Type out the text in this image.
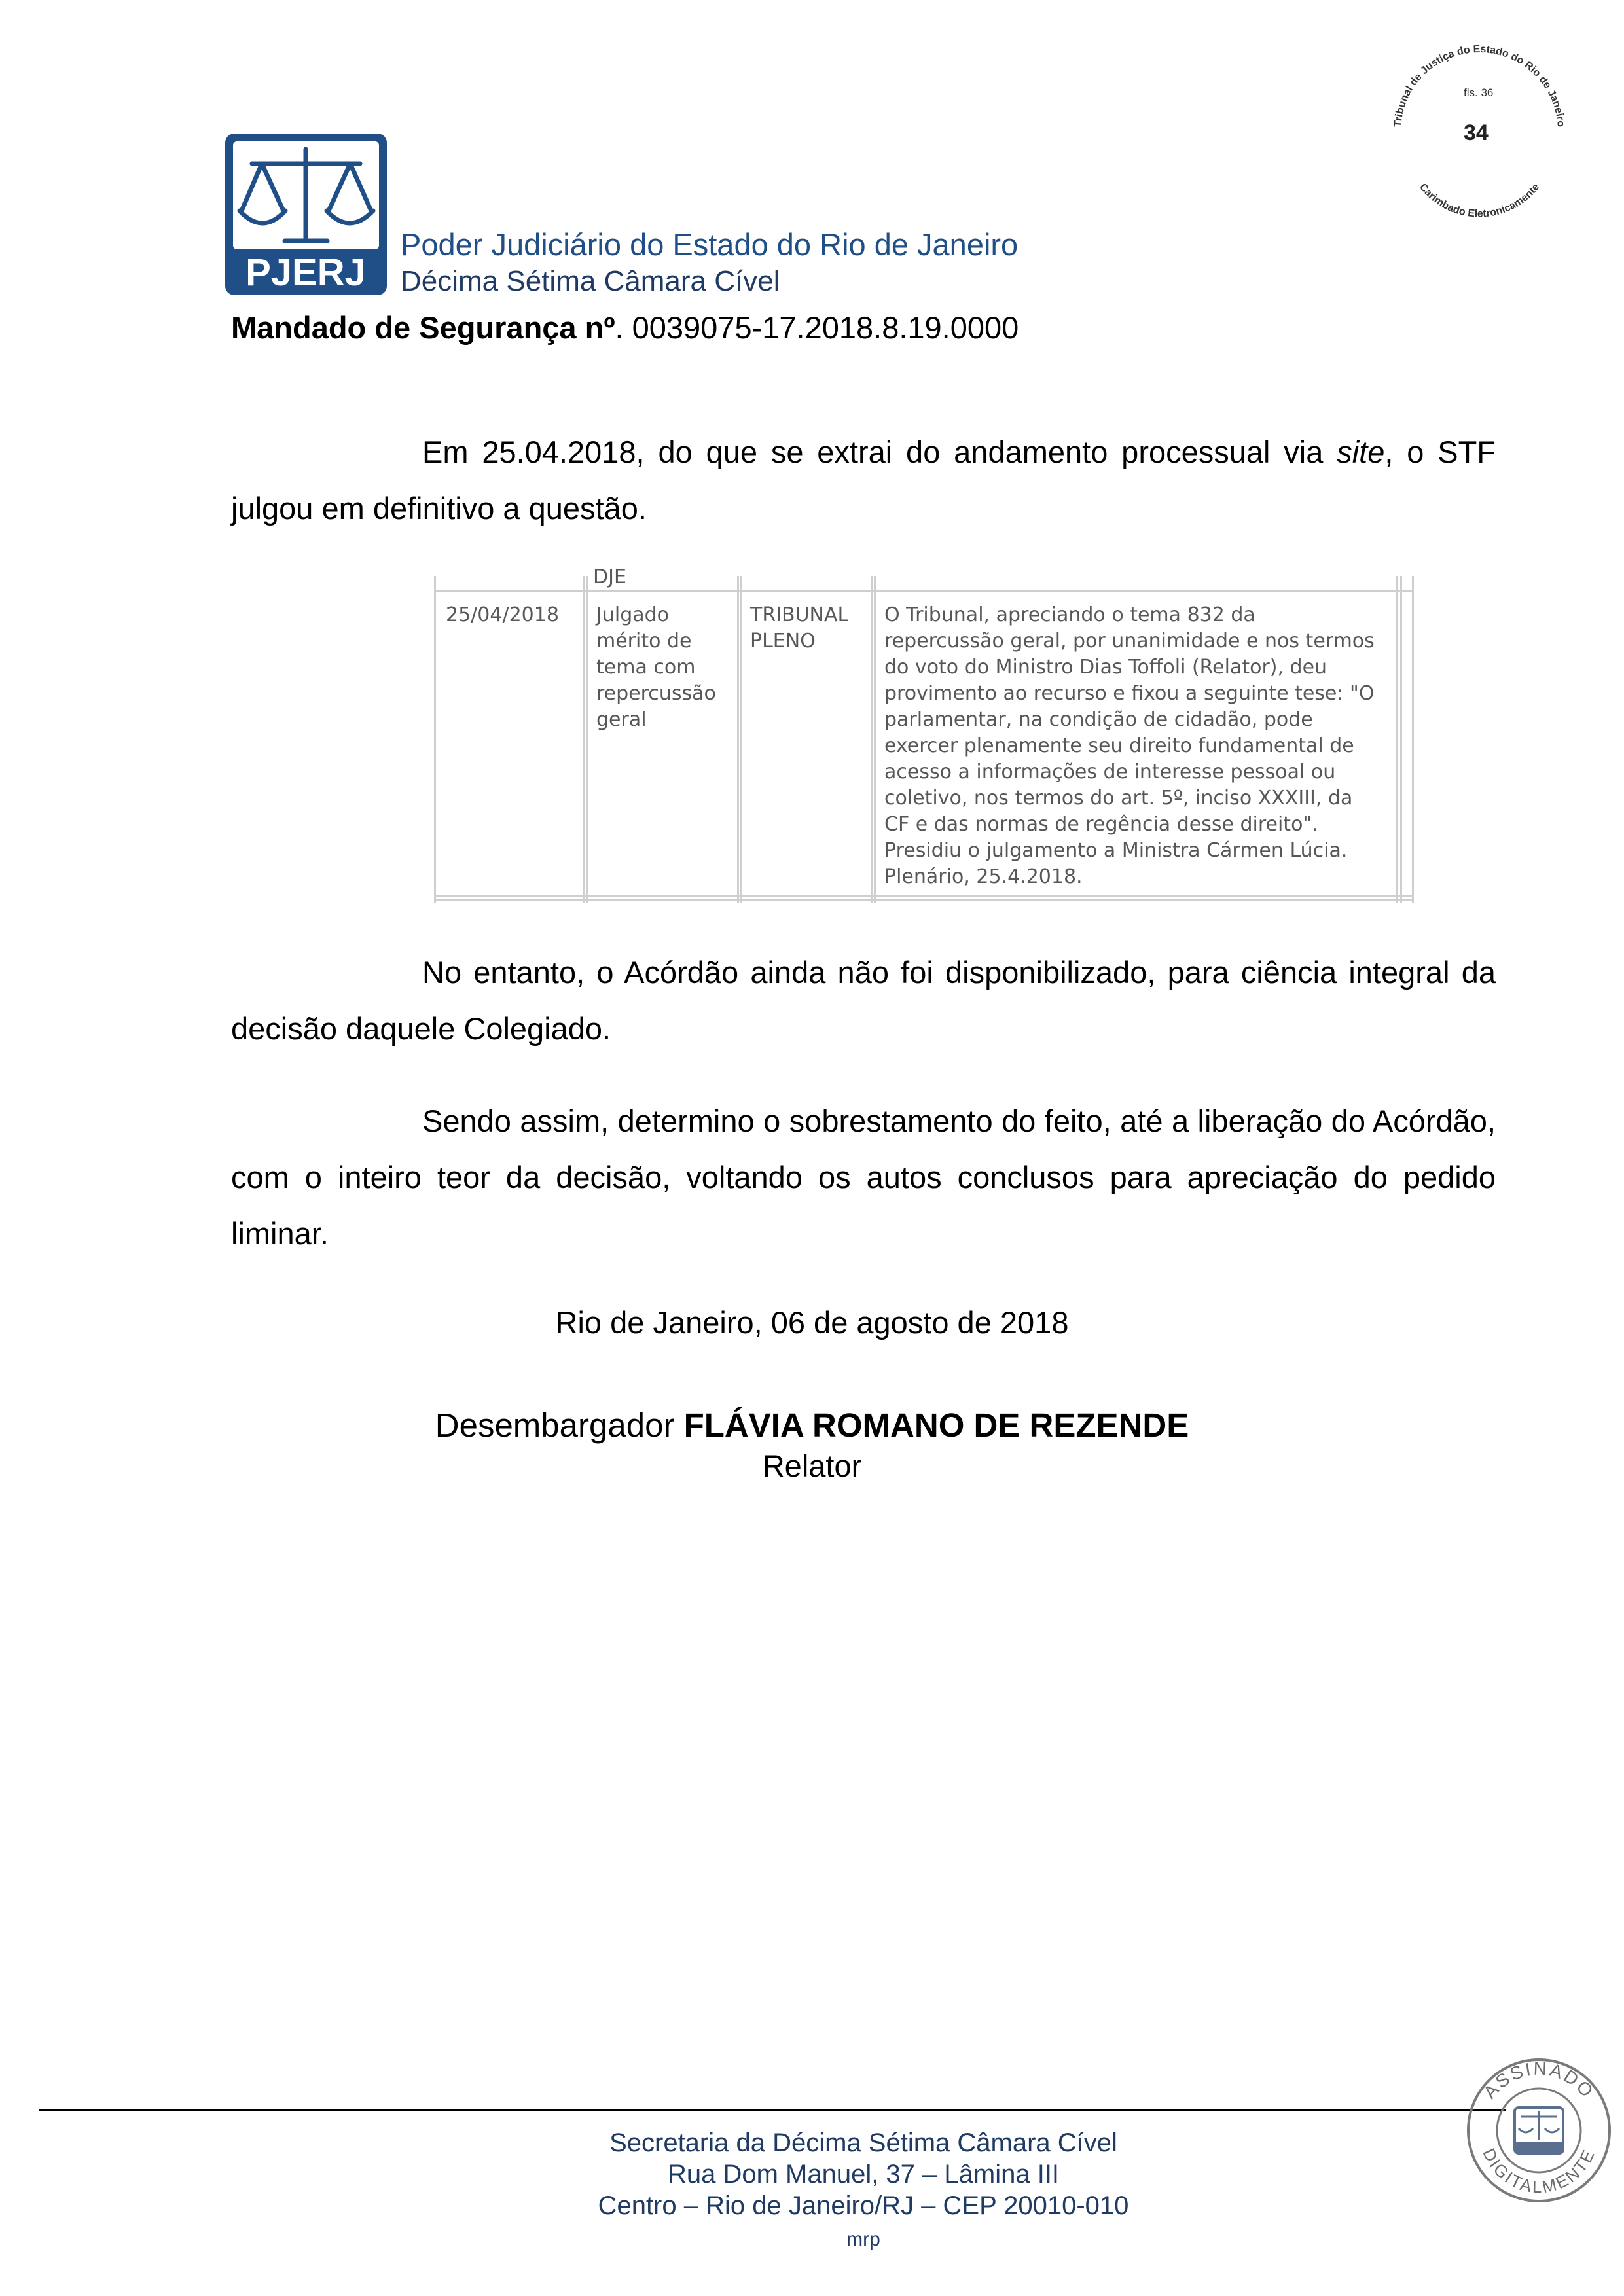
PJERJ
Poder Judiciário do Estado do Rio de Janeiro
Décima Sétima Câmara Cível
Mandado de Segurança nº. 0039075-17.2018.8.19.0000
Tribunal de Justiça do Estado do Rio de Janeiro
Carimbado Eletronicamente
fls. 36
34
Em 25.04.2018, do que se extrai do andamento processual via site, o STF julgou em definitivo a questão.
DJE
25/04/2018 Julgado
mérito de
tema com
repercussão
geral
TRIBUNAL
PLENO
O Tribunal, apreciando o tema 832 da
repercussão geral, por unanimidade e nos termos
do voto do Ministro Dias Toffoli (Relator), deu
provimento ao recurso e fixou a seguinte tese: "O
parlamentar, na condição de cidadão, pode
exercer plenamente seu direito fundamental de
acesso a informações de interesse pessoal ou
coletivo, nos termos do art. 5º, inciso XXXIII, da
CF e das normas de regência desse direito".
Presidiu o julgamento a Ministra Cármen Lúcia.
Plenário, 25.4.2018.
No entanto, o Acórdão ainda não foi disponibilizado, para ciência integral da decisão daquele Colegiado.
Sendo assim, determino o sobrestamento do feito, até a liberação do Acórdão, com o inteiro teor da decisão, voltando os autos conclusos para apreciação do pedido liminar.
Rio de Janeiro, 06 de agosto de 2018
Desembargador FLÁVIA ROMANO DE REZENDE
Relator
Secretaria da Décima Sétima Câmara Cível
Rua Dom Manuel, 37 – Lâmina III
Centro – Rio de Janeiro/RJ – CEP 20010-010
mrp
ASSINADO
DIGITALMENTE
